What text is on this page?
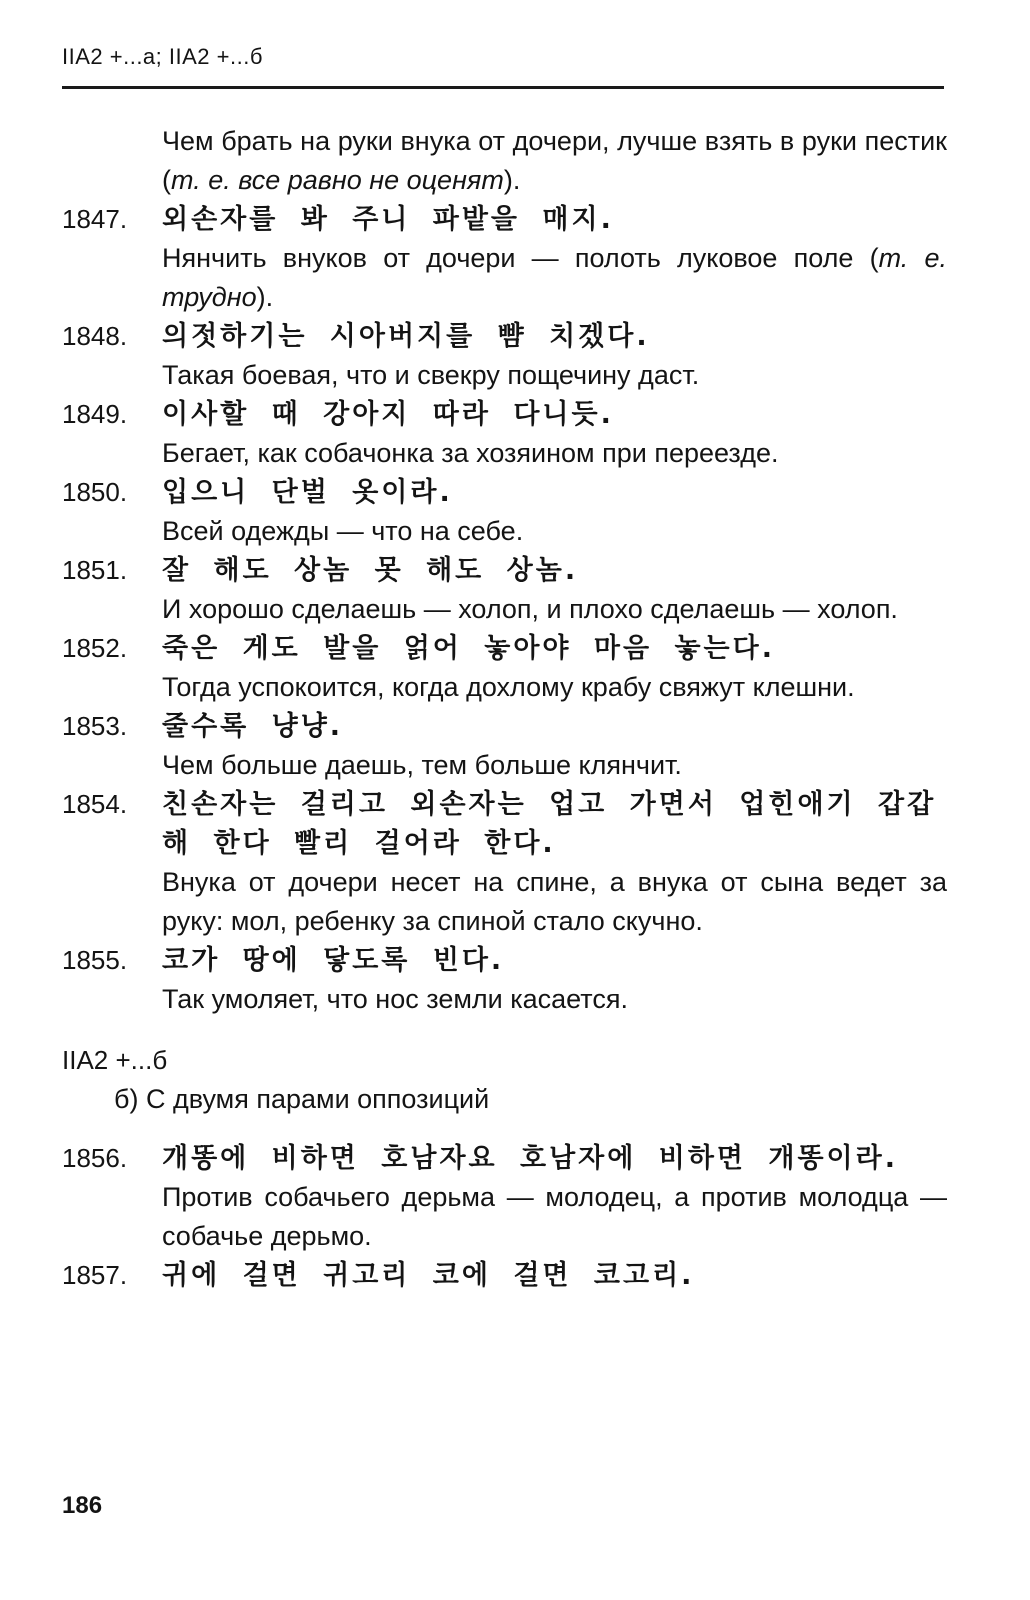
IIA2 +...a; IIA2 +...б
Чем брать на руки внука от дочери, лучше взять в руки пестик (т. е. все равно не оценят).
1847.	외손자를 봐 주니 파밭을 매지.
Нянчить внуков от дочери — полоть луковое поле (т. е. трудно).
1848.	의젓하기는 시아버지를 뺨 치겠다.
Такая боевая, что и свекру пощечину даст.
1849.	이사할 때 강아지 따라 다니듯.
Бегает, как собачонка за хозяином при переезде.
1850.	입으니 단벌 옷이라.
Всей одежды — что на себе.
1851.	잘 해도 상놈 못 해도 상놈.
И хорошо сделаешь — холоп, и плохо сделаешь — холоп.
1852.	죽은 게도 발을 얽어 놓아야 마음 놓는다.
Тогда успокоится, когда дохлому крабу свяжут клешни.
1853.	줄수록 냥냥.
Чем больше даешь, тем больше клянчит.
1854.	친손자는 걸리고 외손자는 업고 가면서 업힌애기 갑갑해 한다 빨리 걸어라 한다.
Внука от дочери несет на спине, а внука от сына ведет за руку: мол, ребенку за спиной стало скучно.
1855.	코가 땅에 닿도록 빈다.
Так умоляет, что нос земли касается.
IIA2 +...б
б) С двумя парами оппозиций
1856.	개똥에 비하면 호남자요 호남자에 비하면 개똥이라.
Против собачьего дерьма — молодец, а против молодца — собачье дерьмо.
1857.	귀에 걸면 귀고리 코에 걸면 코고리.
186
